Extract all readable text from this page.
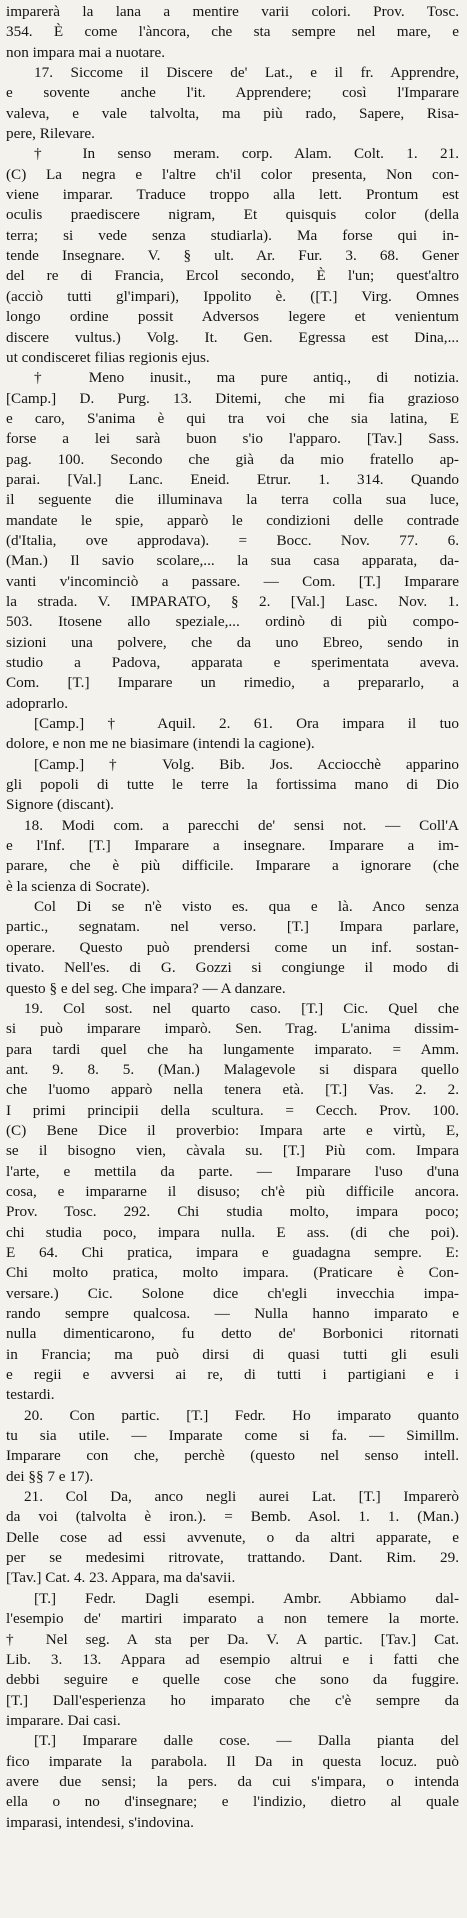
imparerà la lana a mentire varii colori. Prov. Tosc.
354. È come l'àncora, che sta sempre nel mare, e
non impara mai a nuotare.
17. Siccome il Discere de' Lat., e il fr. Apprendre,
e sovente anche l'it. Apprendere; così l'Imparare
valeva, e vale talvolta, ma più rado, Sapere, Risa-
pere, Rilevare.
† In senso meram. corp. Alam. Colt. 1. 21.
(C) La negra e l'altre ch'il color presenta, Non con-
viene imparar. Traduce troppo alla lett. Prontum est
oculis praediscere nigram, Et quisquis color (della
terra; si vede senza studiarla). Ma forse qui in-
tende Insegnare. V. § ult. Ar. Fur. 3. 68. Gener
del re di Francia, Ercol secondo, È l'un; quest'altro
(acciò tutti gl'impari), Ippolito è. ([T.] Virg. Omnes
longo ordine possit Adversos legere et venientum
discere vultus.) Volg. It. Gen. Egressa est Dina,...
ut condisceret filias regionis ejus.
† Meno inusit., ma pure antiq., di notizia.
[Camp.] D. Purg. 13. Ditemi, che mi fia grazioso
e caro, S'anima è qui tra voi che sia latina, E
forse a lei sarà buon s'io l'apparo. [Tav.] Sass.
pag. 100. Secondo che già da mio fratello ap-
parai. [Val.] Lanc. Eneid. Etrur. 1. 314. Quando
il seguente die illuminava la terra colla sua luce,
mandate le spie, apparò le condizioni delle contrade
(d'Italia, ove approdava). = Bocc. Nov. 77. 6.
(Man.) Il savio scolare,... la sua casa apparata, da-
vanti v'incominciò a passare. — Com. [T.] Imparare
la strada. V. IMPARATO, § 2. [Val.] Lasc. Nov. 1.
503. Itosene allo speziale,... ordinò di più compo-
sizioni una polvere, che da uno Ebreo, sendo in
studio a Padova, apparata e sperimentata aveva.
Com. [T.] Imparare un rimedio, a prepararlo, a
adoprarlo.
[Camp.] † Aquil. 2. 61. Ora impara il tuo
dolore, e non me ne biasimare (intendi la cagione).
[Camp.] † Volg. Bib. Jos. Acciocchè apparino
gli popoli di tutte le terre la fortissima mano di Dio
Signore (discant).
18. Modi com. a parecchi de' sensi not. — Coll'A
e l'Inf. [T.] Imparare a insegnare. Imparare a im-
parare, che è più difficile. Imparare a ignorare (che
è la scienza di Socrate).
Col Di se n'è visto es. qua e là. Anco senza
partic., segnatam. nel verso. [T.] Impara parlare,
operare. Questo può prendersi come un inf. sostan-
tivato. Nell'es. di G. Gozzi si congiunge il modo di
questo § e del seg. Che impara? — A danzare.
19. Col sost. nel quarto caso. [T.] Cic. Quel che
si può imparare imparò. Sen. Trag. L'anima dissim-
para tardi quel che ha lungamente imparato. = Amm.
ant. 9. 8. 5. (Man.) Malagevole si dispara quello
che l'uomo apparò nella tenera età. [T.] Vas. 2. 2.
I primi principii della scultura. = Cecch. Prov. 100.
(C) Bene Dice il proverbio: Impara arte e virtù, E,
se il bisogno vien, càvala su. [T.] Più com. Impara
l'arte, e mettila da parte. — Imparare l'uso d'una
cosa, e impararne il disuso; ch'è più difficile ancora.
Prov. Tosc. 292. Chi studia molto, impara poco;
chi studia poco, impara nulla. E ass. (di che poi).
E 64. Chi pratica, impara e guadagna sempre. E:
Chi molto pratica, molto impara. (Praticare è Con-
versare.) Cic. Solone dice ch'egli invecchia impa-
rando sempre qualcosa. — Nulla hanno imparato e
nulla dimenticarono, fu detto de' Borbonici ritornati
in Francia; ma può dirsi di quasi tutti gli esuli
e regii e avversi ai re, di tutti i partigiani e i
testardi.
20. Con partic. [T.] Fedr. Ho imparato quanto
tu sia utile. — Imparate come si fa. — Simillm.
Imparare con che, perchè (questo nel senso intell.
dei §§ 7 e 17).
21. Col Da, anco negli aurei Lat. [T.] Imparerò
da voi (talvolta è iron.). = Bemb. Asol. 1. 1. (Man.)
Delle cose ad essi avvenute, o da altri apparate, e
per se medesimi ritrovate, trattando. Dant. Rim. 29.
[Tav.] Cat. 4. 23. Appara, ma da'savii.
[T.] Fedr. Dagli esempi. Ambr. Abbiamo dal-
l'esempio de' martiri imparato a non temere la morte.
† Nel seg. A sta per Da. V. A partic. [Tav.] Cat.
Lib. 3. 13. Appara ad esempio altrui e i fatti che
debbi seguire e quelle cose che sono da fuggire.
[T.] Dall'esperienza ho imparato che c'è sempre da
imparare. Dai casi.
[T.] Imparare dalle cose. — Dalla pianta del
fico imparate la parabola. Il Da in questa locuz. può
avere due sensi; la pers. da cui s'impara, o intenda
ella o no d'insegnare; e l'indizio, dietro al quale
imparasi, intendesi, s'indovina.
